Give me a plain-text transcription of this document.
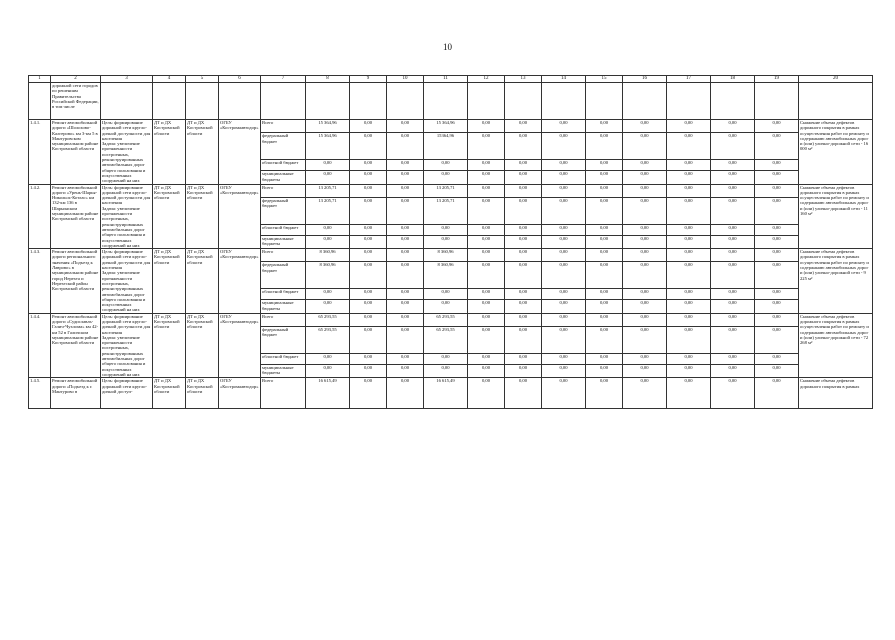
10
1	2	3	4	5	6	7	8	9	10	11	12	13	14	15	16	17	18	19	20
	дорожной сети городов по решениям Правительства Российской Федерации, в том числе																		
1.4.1.	Ремонт автомобильной дороги «Шолохово-Калгерово» км 3-км 5 в Мантуровском муниципальном районе Костромской области	Цель: формирование дорожной сети кругло-дичной доступности для населения
Задача: увеличение протяженности построенных, реконструированных автомобильных дорог общего пользования и искусственных сооружений на них	ДТ и ДХ Костромской области	ДТ и ДХ Костромской области	ОГБУ «Костромаавтодор»	Всего	15 364,96	0,00	0,00	15 364,96	0,00	0,00	0,00	0,00	0,00	0,00	0,00	0,00	Снижение объема дефектов дорожного покрытия в рамках осуществления работ по ремонту и содержанию автомобильных дорог и (или) улично-дорожной сети - 16 000 м²
						федеральный бюджет	15 364,96	0,00	0,00	15364,96	0,00	0,00	0,00	0,00	0,00	0,00	0,00	0,00	
						областной бюджет	0,00	0,00	0,00	0,00	0,00	0,00	0,00	0,00	0,00	0,00	0,00	0,00	
						муниципальные бюджеты	0,00	0,00	0,00	0,00	0,00	0,00	0,00	0,00	0,00	0,00	0,00	0,00	
1.4.2.	Ремонт автомобильной дороги «Урень-Шарья-Никольск-Котлас» км 132-км 136 в Шарьинском муниципальном районе Костромской области	Цель: формирование дорожной сети кругло-дичной доступности для населения
Задача: увеличение протяженности построенных, реконструированных автомобильных дорог общего пользования и искусственных сооружений на них	ДТ и ДХ Костромской области	ДТ и ДХ Костромской области	ОГБУ «Костромаавтодор»	Всего	13 205,71	0,00	0,00	13 205,71	0,00	0,00	0,00	0,00	0,00	0,00	0,00	0,00	Снижение объема дефектов дорожного покрытия в рамках осуществления работ по ремонту и содержанию автомобильных дорог и (или) улично-дорожной сети - 11 160 м²
						федеральный бюджет	13 205,71	0,00	0,00	13 205,71	0,00	0,00	0,00	0,00	0,00	0,00	0,00	0,00	
						областной бюджет	0,00	0,00	0,00	0,00	0,00	0,00	0,00	0,00	0,00	0,00	0,00	0,00	
						муниципальные бюджеты	0,00	0,00	0,00	0,00	0,00	0,00	0,00	0,00	0,00	0,00	0,00	0,00	
1.4.3.	Ремонт автомобильной дороги регионального значения «Подъезд к Лаврово» в муниципальном районе город Нерехта и Нерехтский район Костромской области	Цель: формирование дорожной сети кругло-дичной доступности для населения
Задача: увеличение протяженности построенных, реконструированных автомобильных дорог общего пользования и искусственных сооружений на них	ДТ и ДХ Костромской области	ДТ и ДХ Костромской области	ОГБУ «Костромаавтодор»	Всего	8 360,96	0,00	0,00	8 360,96	0,00	0,00	0,00	0,00	0,00	0,00	0,00	0,00	Снижение объема дефектов дорожного покрытия в рамках осуществления работ по ремонту и содержанию автомобильных дорог и (или) улично-дорожной сети - 9 225 м²
						федеральный бюджет	8 360,96	0,00	0,00	8 360,96	0,00	0,00	0,00	0,00	0,00	0,00	0,00	0,00	
						областной бюджет	0,00	0,00	0,00	0,00	0,00	0,00	0,00	0,00	0,00	0,00	0,00	0,00	
						муниципальные бюджеты	0,00	0,00	0,00	0,00	0,00	0,00	0,00	0,00	0,00	0,00	0,00	0,00	
1.4.4.	Ремонт автомобильной дороги «Судиславль-Галич-Чухлома» км 42-км 52 в Галичском муниципальном районе Костромской области	Цель: формирование дорожной сети кругло-дичной доступности для населения
Задача: увеличение протяженности построенных, реконструированных автомобильных дорог общего пользования и искусственных сооружений на них	ДТ и ДХ Костромской области	ДТ и ДХ Костромской области	ОГБУ «Костромаавтодор»	Всего	65 293,55	0,00	0,00	65 293,55	0,00	0,00	0,00	0,00	0,00	0,00	0,00	0,00	Снижение объема дефектов дорожного покрытия в рамках осуществления работ по ремонту и содержанию автомобильных дорог и (или) улично-дорожной сети - 72 268 м²
						федеральный бюджет	65 293,55	0,00	0,00	65 293,55	0,00	0,00	0,00	0,00	0,00	0,00	0,00	0,00	
						областной бюджет	0,00	0,00	0,00	0,00	0,00	0,00	0,00	0,00	0,00	0,00	0,00	0,00	
						муниципальные бюджеты	0,00	0,00	0,00	0,00	0,00	0,00	0,00	0,00	0,00	0,00	0,00	0,00	
1.4.5.	Ремонт автомобильной дороги «Подъезд к г. Мантурово в	Цель: формирование дорожной сети кругло-дичной доступ-	ДТ и ДХ Костромской области	ДТ и ДХ Костромской области	ОГБУ «Костромаавтодор»	Всего	16 615,49	0,00	0,00	16 615,49	0,00	0,00	0,00	0,00	0,00	0,00	0,00	0,00	Снижение объема дефектов дорожного покрытия в рамках
